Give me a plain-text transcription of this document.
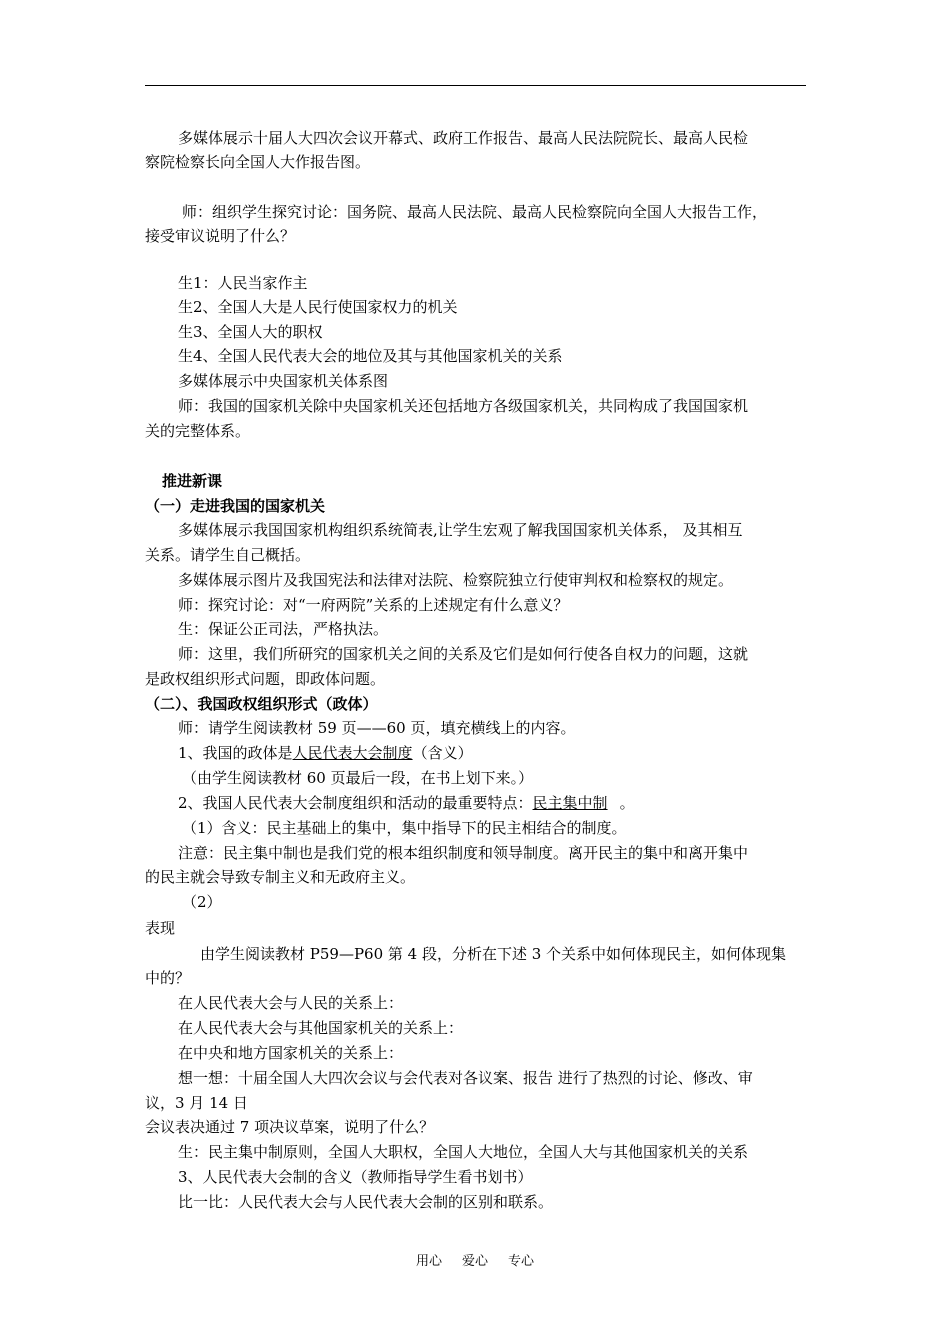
多媒体展示十届人大四次会议开幕式、政府工作报告、最高人民法院院长、最高人民检
察院检察长向全国人大作报告图。
师：组织学生探究讨论：国务院、最高人民法院、最高人民检察院向全国人大报告工作，
接受审议说明了什么？
生1：人民当家作主
生2、全国人大是人民行使国家权力的机关
生3、全国人大的职权
生4、全国人民代表大会的地位及其与其他国家机关的关系
多媒体展示中央国家机关体系图
师：我国的国家机关除中央国家机关还包括地方各级国家机关，共同构成了我国国家机
关的完整体系。
推进新课
（一）走进我国的国家机关
多媒体展示我国国家机构组织系统简表,让学生宏观了解我国国家机关体系， 及其相互
关系。请学生自己概括。
多媒体展示图片及我国宪法和法律对法院、检察院独立行使审判权和检察权的规定。
师：探究讨论：对“一府两院”关系的上述规定有什么意义？
生：保证公正司法，严格执法。
师：这里，我们所研究的国家机关之间的关系及它们是如何行使各自权力的问题，这就
是政权组织形式问题，即政体问题。
（二）、我国政权组织形式（政体）
师：请学生阅读教材 59 页——60 页，填充横线上的内容。
1、我国的政体是人民代表大会制度（含义）
（由学生阅读教材 60 页最后一段，在书上划下来。）
2、我国人民代表大会制度组织和活动的最重要特点：民主集中制 。
（1）含义：民主基础上的集中，集中指导下的民主相结合的制度。
注意：民主集中制也是我们党的根本组织制度和领导制度。离开民主的集中和离开集中
的民主就会导致专制主义和无政府主义。
（2）
表现
由学生阅读教材 P59—P60 第 4 段，分析在下述 3 个关系中如何体现民主，如何体现集
中的？
在人民代表大会与人民的关系上：
在人民代表大会与其他国家机关的关系上：
在中央和地方国家机关的关系上：
想一想：十届全国人大四次会议与会代表对各议案、报告 进行了热烈的讨论、修改、审
议，3 月 14 日
会议表决通过 7 项决议草案，说明了什么？
生：民主集中制原则，全国人大职权，全国人大地位，全国人大与其他国家机关的关系
3、人民代表大会制的含义（教师指导学生看书划书）
比一比：人民代表大会与人民代表大会制的区别和联系。
用心 爱心 专心
